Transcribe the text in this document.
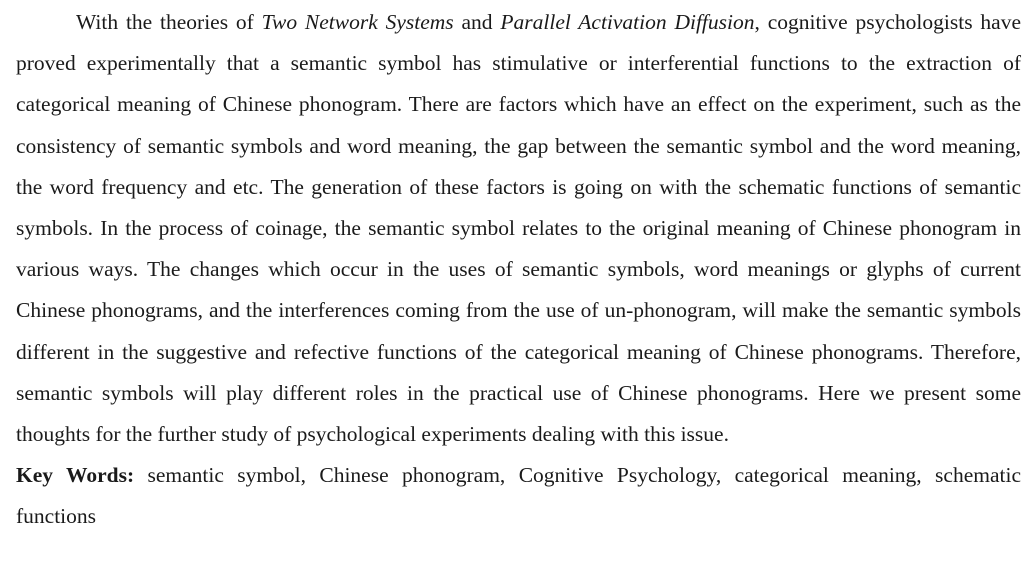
With the theories of Two Network Systems and Parallel Activation Diffusion, cognitive psychologists have proved experimentally that a semantic symbol has stimulative or interferential functions to the extraction of categorical meaning of Chinese phonogram. There are factors which have an effect on the experiment, such as the consistency of semantic symbols and word meaning, the gap between the semantic symbol and the word meaning, the word frequency and etc. The generation of these factors is going on with the schematic functions of semantic symbols. In the process of coinage, the semantic symbol relates to the original meaning of Chinese phonogram in various ways. The changes which occur in the uses of semantic symbols, word meanings or glyphs of current Chinese phonograms, and the interferences coming from the use of un-phonogram, will make the semantic symbols different in the suggestive and refective functions of the categorical meaning of Chinese phonograms. Therefore, semantic symbols will play different roles in the practical use of Chinese phonograms. Here we present some thoughts for the further study of psychological experiments dealing with this issue.

Key Words: semantic symbol, Chinese phonogram, Cognitive Psychology, categorical meaning, schematic functions
